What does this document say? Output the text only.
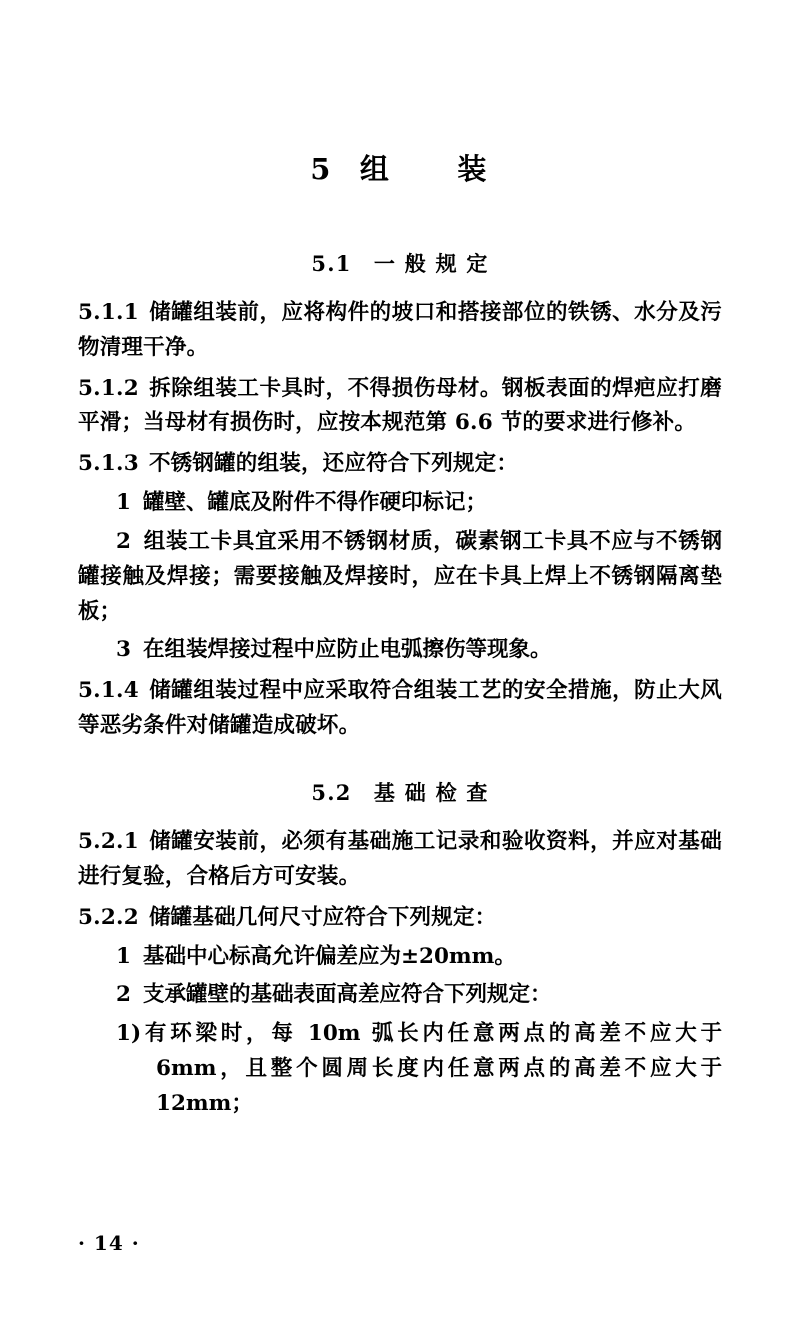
5 组　　装
5.1　一 般 规 定

5.1.1 储罐组装前，应将构件的坡口和搭接部位的铁锈、水分及污物清理干净。

5.1.2 拆除组装工卡具时，不得损伤母材。钢板表面的焊疤应打磨平滑；当母材有损伤时，应按本规范第 6.6 节的要求进行修补。

5.1.3 不锈钢罐的组装，还应符合下列规定：

1 罐壁、罐底及附件不得作硬印标记；

2 组装工卡具宜采用不锈钢材质，碳素钢工卡具不应与不锈钢罐接触及焊接；需要接触及焊接时，应在卡具上焊上不锈钢隔离垫板；

3 在组装焊接过程中应防止电弧擦伤等现象。

5.1.4 储罐组装过程中应采取符合组装工艺的安全措施，防止大风等恶劣条件对储罐造成破坏。

5.2　基 础 检 查

5.2.1 储罐安装前，必须有基础施工记录和验收资料，并应对基础进行复验，合格后方可安装。

5.2.2 储罐基础几何尺寸应符合下列规定：

1 基础中心标高允许偏差应为±20mm。

2 支承罐壁的基础表面高差应符合下列规定：

1)有环梁时，每 10m 弧长内任意两点的高差不应大于 6mm，且整个圆周长度内任意两点的高差不应大于 12mm；

· 14 ·
